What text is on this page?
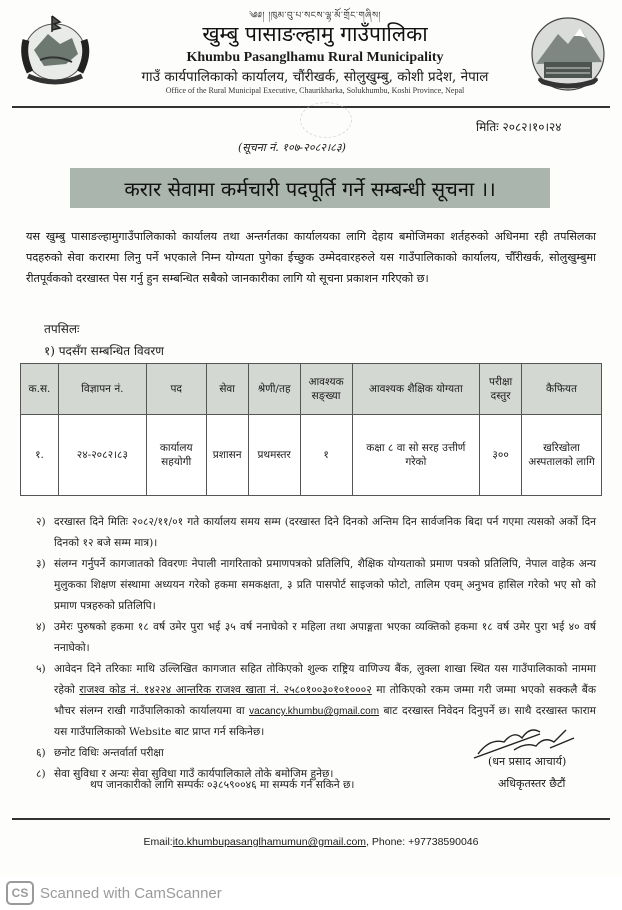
༄༅། །ཁུམ་བུ་པ་སངས་ལྷ་མོ་གྲོང་གཞིས།
खुम्बु पासाङल्हामु गाउँपालिका
Khumbu Pasanglhamu Rural Municipality
गाउँ कार्यपालिकाको कार्यालय, चौंरीखर्क, सोलुखुम्बु, कोशी प्रदेश, नेपाल
Office of the Rural Municipal Executive, Chaurikharka, Solukhumbu, Koshi Province, Nepal
मितिः २०८२।१०।२४
(सूचना नं. १०७-२०८२।८३)
करार सेवामा कर्मचारी पदपूर्ति गर्ने सम्बन्धी सूचना ।।
यस खुम्बु पासाङल्हामुगाउँपालिकाको कार्यालय तथा अन्तर्गतका कार्यालयका लागि देहाय बमोजिमका शर्तहरुको अधिनमा रही तपसिलका पदहरुको सेवा करारमा लिनु पर्ने भएकाले निम्न योग्यता पुगेका ईच्छुक उम्मेदवारहरुले यस गाउँपालिकाको कार्यालय, चौँरीखर्क, सोलुखुम्बुमा रीतपूर्वकको दरखास्त पेस गर्नु हुन सम्बन्धित सबैको जानकारीका लागि यो सूचना प्रकाशन गरिएको छ।
तपसिलः
१) पदसँग सम्बन्धित विवरण
क.स.	विज्ञापन नं.	पद	सेवा	श्रेणी/तह	आवश्यक सङ्ख्या	आवश्यक शैक्षिक योग्यता	परीक्षा दस्तुर	कैफियत
१.	२४-२०८२।८३	कार्यालय सहयोगी	प्रशासन	प्रथमस्तर	१	कक्षा ८ वा सो सरह उत्तीर्ण गरेको	३००	खरिखोला अस्पतालको लागि
२) दरखास्त दिने मितिः २०८२/११/०१ गते कार्यालय समय सम्म (दरखास्त दिने दिनको अन्तिम दिन सार्वजनिक बिदा पर्न गएमा त्यसको अर्को दिन दिनको १२ बजे सम्म मात्र)।
३) संलग्न गर्नुपर्ने कागजातको विवरणः नेपाली नागरिताको प्रमाणपत्रको प्रतिलिपि, शैक्षिक योग्यताको प्रमाण पत्रको प्रतिलिपि, नेपाल वाहेक अन्य मुलुकका शिक्षण संस्थामा अध्ययन गरेको हकमा समकक्षता, ३ प्रति पासपोर्ट साइजको फोटो, तालिम एवम् अनुभव हासिल गरेको भए सो को प्रमाण पत्रहरुको प्रतिलिपि।
४) उमेरः पुरुषको हकमा १८ वर्ष उमेर पुरा भई ३५ वर्ष ननाघेको र महिला तथा अपाङ्गता भएका व्यक्तिको हकमा १८ वर्ष उमेर पुरा भई ४० वर्ष ननाघेको।
५) आवेदन दिने तरिकाः माथि उल्लिखित कागजात सहित तोकिएको शुल्क राष्ट्रिय वाणिज्य बैंक, लुक्ला शाखा स्थित यस गाउँपालिकाको नाममा रहेको राजश्व कोड नं. १४२२४ आन्तरिक राजश्व खाता नं. २५८०१००३०१०१०००२ मा तोकिएको रकम जम्मा गरी जम्मा भएको सक्कलै बैंक भौचर संलग्न राखी गाउँपालिकाको कार्यालयमा वा vacancy.khumbu@gmail.com बाट दरखास्त निवेदन दिनुपर्ने छ। साथै दरखास्त फाराम यस गाउँपालिकाको Website बाट प्राप्त गर्न सकिनेछ।
६) छनोट विधिः अन्तर्वार्ता परीक्षा
८) सेवा सुविधा र अन्यः सेवा सुविधा गाउँ कार्यपालिकाले तोके बमोजिम हुनेछ।
थप जानकारीको लागि सम्पर्कः ०३८५९००४६ मा सम्पर्क गर्न सकिने छ।
(धन प्रसाद आचार्य)
अधिकृतस्तर छैटौं
Email:ito.khumbupasanglhamumun@gmail.com, Phone: +97738590046
CS Scanned with CamScanner
